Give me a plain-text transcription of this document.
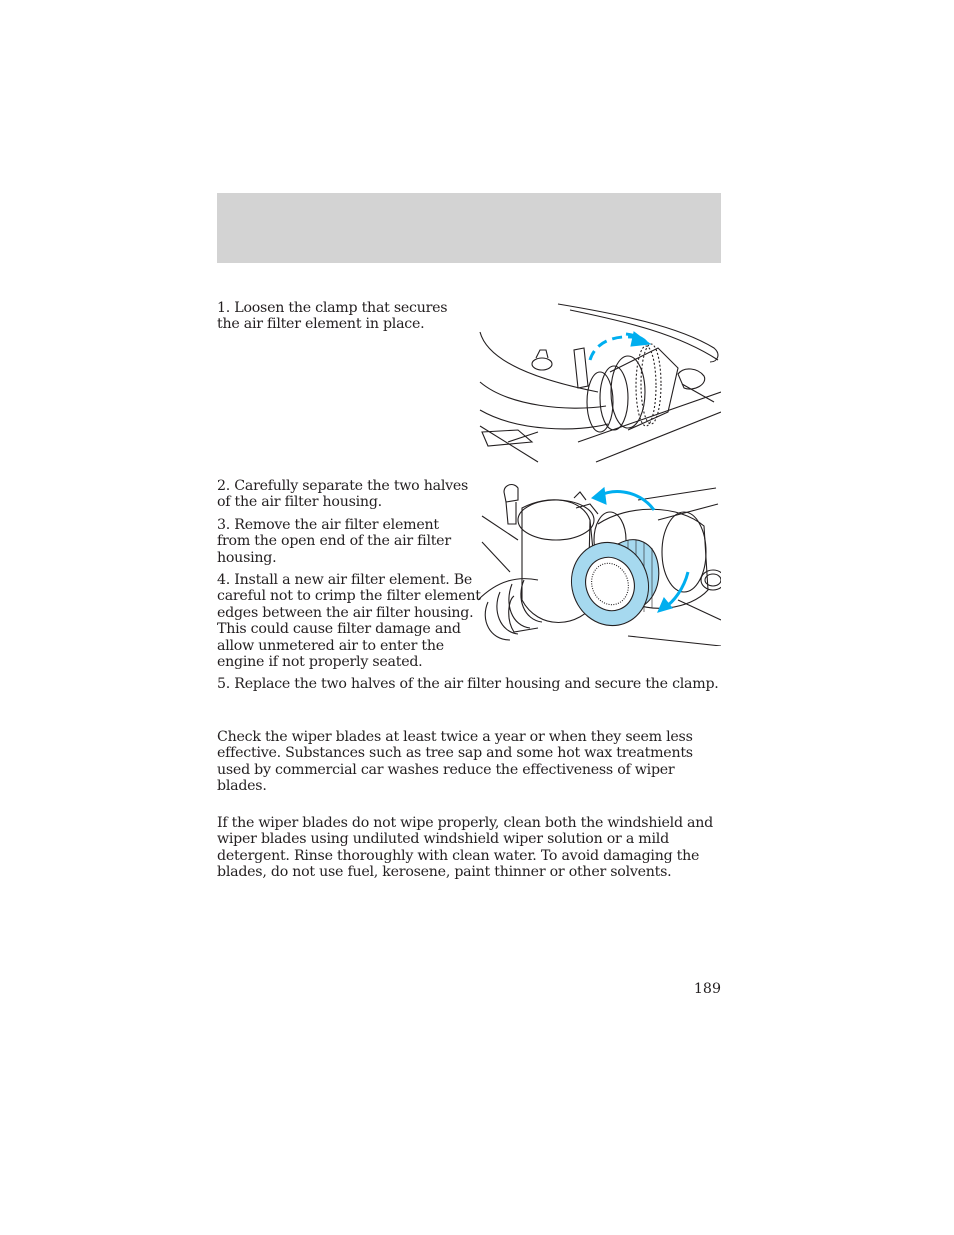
1. Loosen the clamp that secures the air filter element in place.

2. Carefully separate the two halves of the air filter housing.

3. Remove the air filter element from the open end of the air filter housing.

4. Install a new air filter element. Be careful not to crimp the filter element edges between the air filter housing. This could cause filter damage and allow unmetered air to enter the engine if not properly seated.

5. Replace the two halves of the air filter housing and secure the clamp.

Check the wiper blades at least twice a year or when they seem less effective. Substances such as tree sap and some hot wax treatments used by commercial car washes reduce the effectiveness of wiper blades.

If the wiper blades do not wipe properly, clean both the windshield and wiper blades using undiluted windshield wiper solution or a mild detergent. Rinse thoroughly with clean water. To avoid damaging the blades, do not use fuel, kerosene, paint thinner or other solvents.

189
